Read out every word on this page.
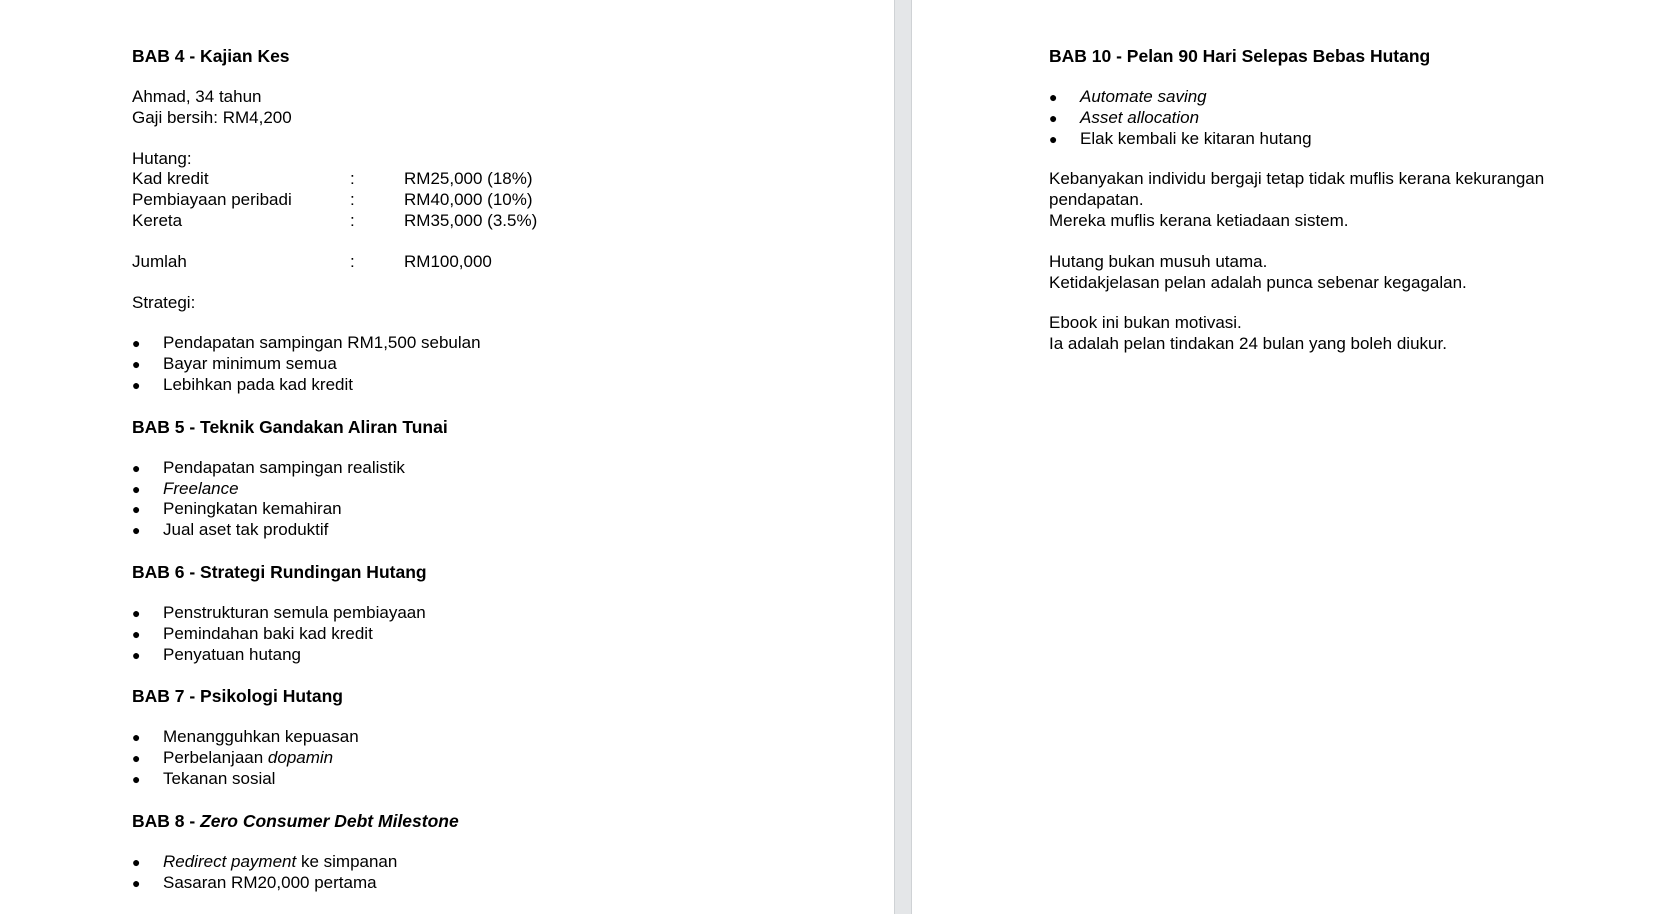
BAB 4 - Kajian Kes

Ahmad, 34 tahun

Gaji bersih: RM4,200

Hutang:

Kad kredit	:	RM25,000 (18%)
Pembiayaan peribadi	:	RM40,000 (10%)
Kereta	:	RM35,000 (3.5%)
Jumlah	:	RM100,000

Strategi:

● Pendapatan sampingan RM1,500 sebulan
● Bayar minimum semua
● Lebihkan pada kad kredit
BAB 5 - Teknik Gandakan Aliran Tunai
● Pendapatan sampingan realistik
● Freelance
● Peningkatan kemahiran
● Jual aset tak produktif
BAB 6 - Strategi Rundingan Hutang
● Penstrukturan semula pembiayaan
● Pemindahan baki kad kredit
● Penyatuan hutang
BAB 7 - Psikologi Hutang
● Menangguhkan kepuasan
● Perbelanjaan dopamin
● Tekanan sosial
BAB 8 - Zero Consumer Debt Milestone
● Redirect payment ke simpanan
● Sasaran RM20,000 pertama
BAB 10 - Pelan 90 Hari Selepas Bebas Hutang
● Automate saving
● Asset allocation
● Elak kembali ke kitaran hutang

Kebanyakan individu bergaji tetap tidak muflis kerana kekurangan

pendapatan.

Mereka muflis kerana ketiadaan sistem.

Hutang bukan musuh utama.

Ketidakjelasan pelan adalah punca sebenar kegagalan.

Ebook ini bukan motivasi.

Ia adalah pelan tindakan 24 bulan yang boleh diukur.
